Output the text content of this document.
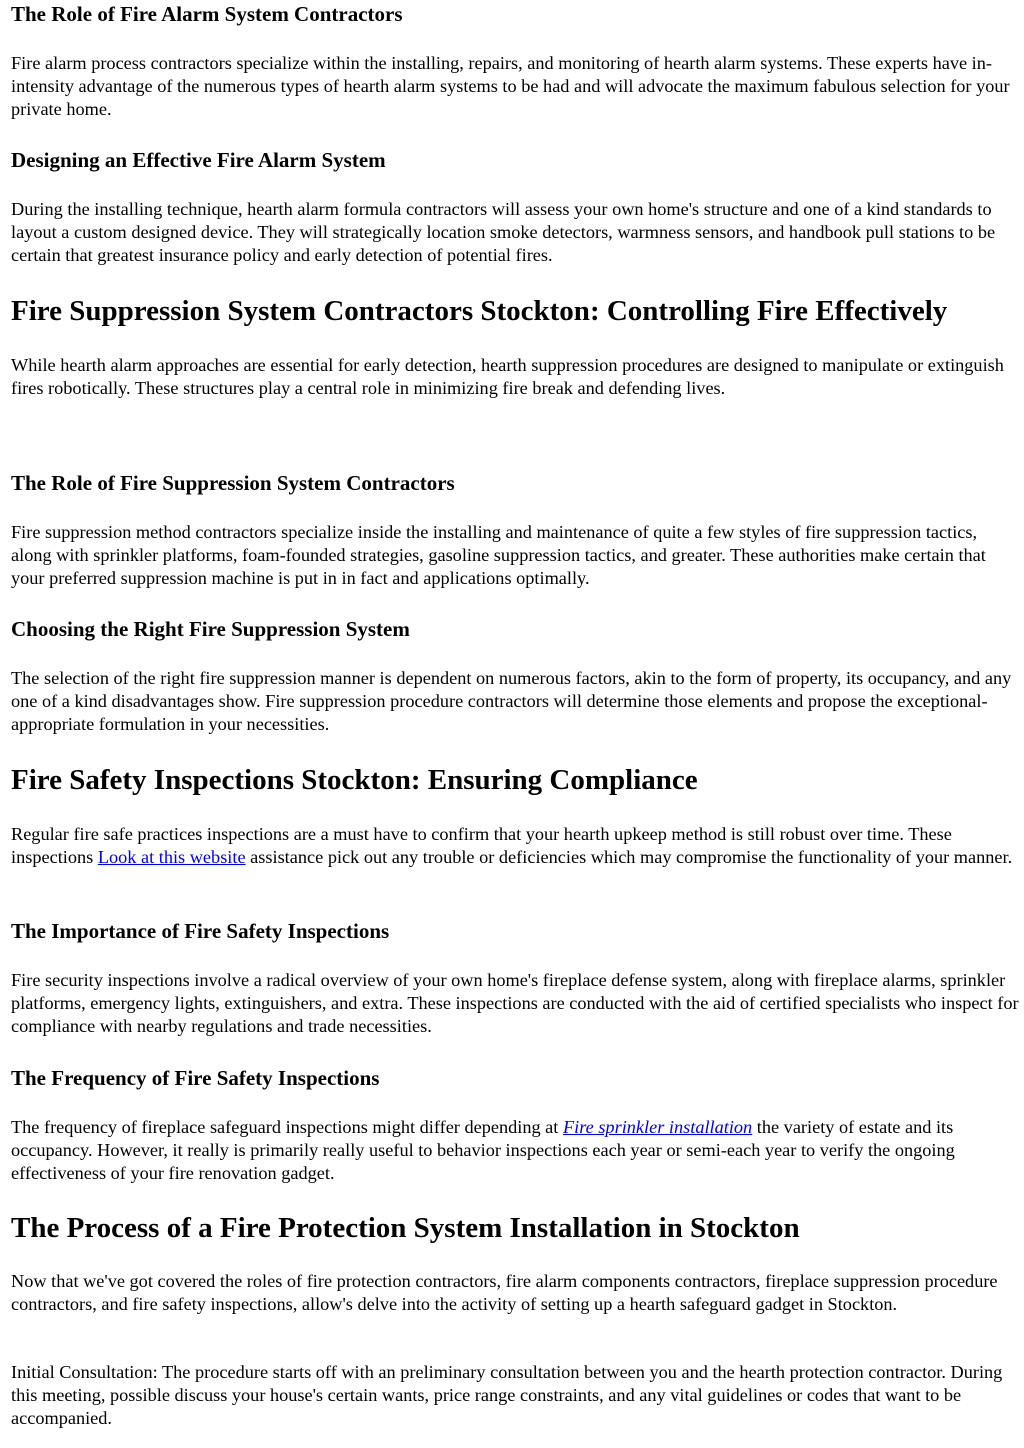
The Role of Fire Alarm System Contractors

Fire alarm process contractors specialize within the installing, repairs, and monitoring of hearth alarm systems. These experts have in-intensity advantage of the numerous types of hearth alarm systems to be had and will advocate the maximum fabulous selection for your private home.

Designing an Effective Fire Alarm System

During the installing technique, hearth alarm formula contractors will assess your own home's structure and one of a kind standards to layout a custom designed device. They will strategically location smoke detectors, warmness sensors, and handbook pull stations to be certain that greatest insurance policy and early detection of potential fires.

Fire Suppression System Contractors Stockton: Controlling Fire Effectively

While hearth alarm approaches are essential for early detection, hearth suppression procedures are designed to manipulate or extinguish fires robotically. These structures play a central role in minimizing fire break and defending lives.

The Role of Fire Suppression System Contractors

Fire suppression method contractors specialize inside the installing and maintenance of quite a few styles of fire suppression tactics, along with sprinkler platforms, foam-founded strategies, gasoline suppression tactics, and greater. These authorities make certain that your preferred suppression machine is put in in fact and applications optimally.

Choosing the Right Fire Suppression System

The selection of the right fire suppression manner is dependent on numerous factors, akin to the form of property, its occupancy, and any one of a kind disadvantages show. Fire suppression procedure contractors will determine those elements and propose the exceptional-appropriate formulation in your necessities.

Fire Safety Inspections Stockton: Ensuring Compliance

Regular fire safe practices inspections are a must have to confirm that your hearth upkeep method is still robust over time. These inspections Look at this website assistance pick out any trouble or deficiencies which may compromise the functionality of your manner.

The Importance of Fire Safety Inspections

Fire security inspections involve a radical overview of your own home's fireplace defense system, along with fireplace alarms, sprinkler platforms, emergency lights, extinguishers, and extra. These inspections are conducted with the aid of certified specialists who inspect for compliance with nearby regulations and trade necessities.

The Frequency of Fire Safety Inspections

The frequency of fireplace safeguard inspections might differ depending at Fire sprinkler installation the variety of estate and its occupancy. However, it really is primarily really useful to behavior inspections each year or semi-each year to verify the ongoing effectiveness of your fire renovation gadget.

The Process of a Fire Protection System Installation in Stockton

Now that we've got covered the roles of fire protection contractors, fire alarm components contractors, fireplace suppression procedure contractors, and fire safety inspections, allow's delve into the activity of setting up a hearth safeguard gadget in Stockton.

Initial Consultation: The procedure starts off with an preliminary consultation between you and the hearth protection contractor. During this meeting, possible discuss your house's certain wants, price range constraints, and any vital guidelines or codes that want to be accompanied.
